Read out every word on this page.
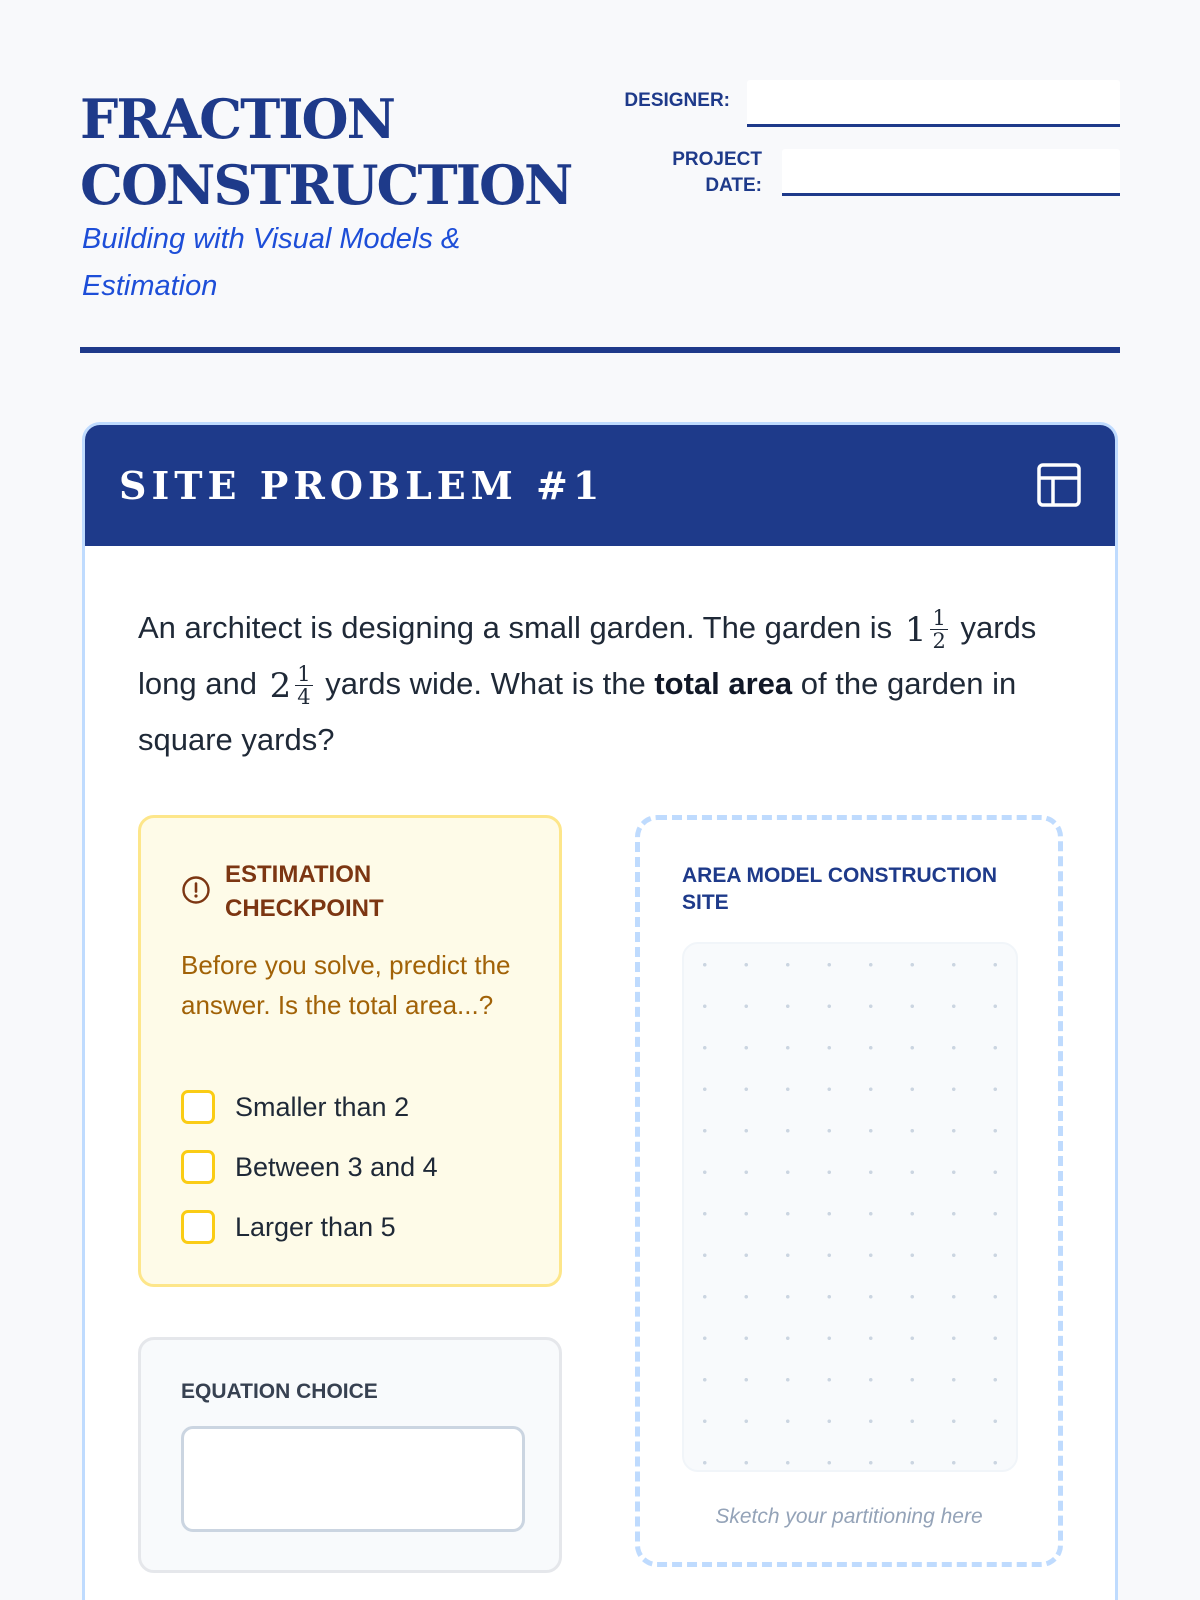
FRACTION
CONSTRUCTION
Building with Visual Models & Estimation
DESIGNER:
PROJECT
DATE:
SITE PROBLEM #1

An architect is designing a small garden. The garden is $1 \frac{1}{2}$ yards long and $2 \frac{1}{4}$ yards wide. What is the total area of the garden in square yards?

ESTIMATION
CHECKPOINT
Before you solve, predict the answer. Is the total area...?
Smaller than 2
Between 3 and 4
Larger than 5
EQUATION CHOICE
AREA MODEL CONSTRUCTION SITE
Sketch your partitioning here
